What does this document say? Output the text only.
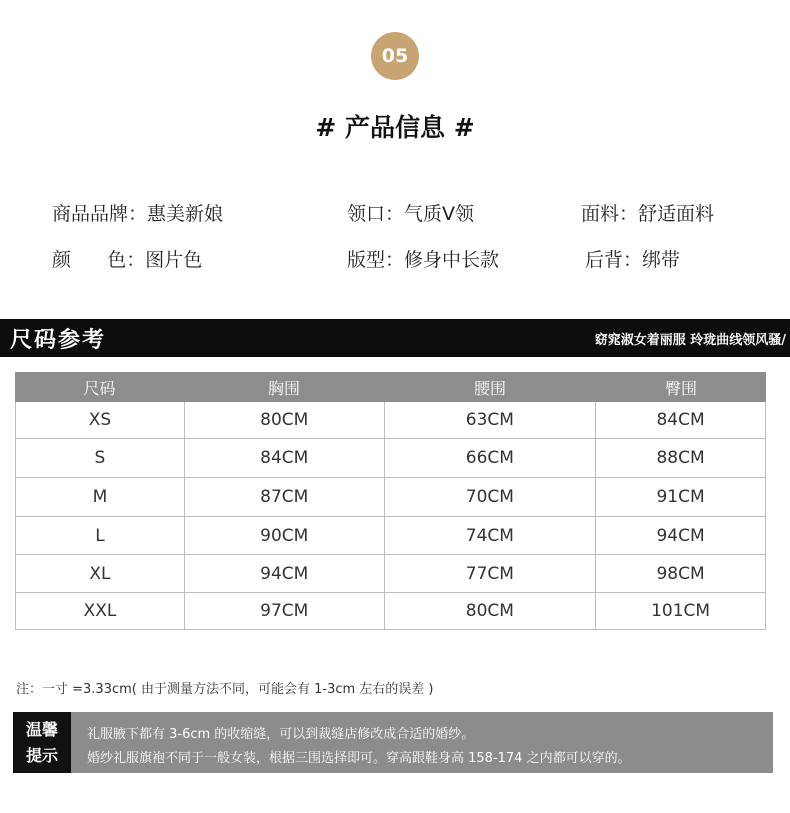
05
# 产品信息 #
商品品牌：惠美新娘	领口：气质V领	面料：舒适面料
颜      色：图片色	版型：修身中长款	后背：绑带
尺码参考	窈窕淑女着丽服 玲珑曲线领风骚/
尺码	胸围	腰围	臀围
XS	80CM	63CM	84CM
S	84CM	66CM	88CM
M	87CM	70CM	91CM
L	90CM	74CM	94CM
XL	94CM	77CM	98CM
XXL	97CM	80CM	101CM
注：一寸 =3.33cm( 由于测量方法不同，可能会有 1-3cm 左右的误差 )
温馨
提示
礼服腋下都有 3-6cm 的收缩缝，可以到裁缝店修改成合适的婚纱。
婚纱礼服旗袍不同于一般女装，根据三围选择即可。穿高跟鞋身高 158-174 之内都可以穿的。
